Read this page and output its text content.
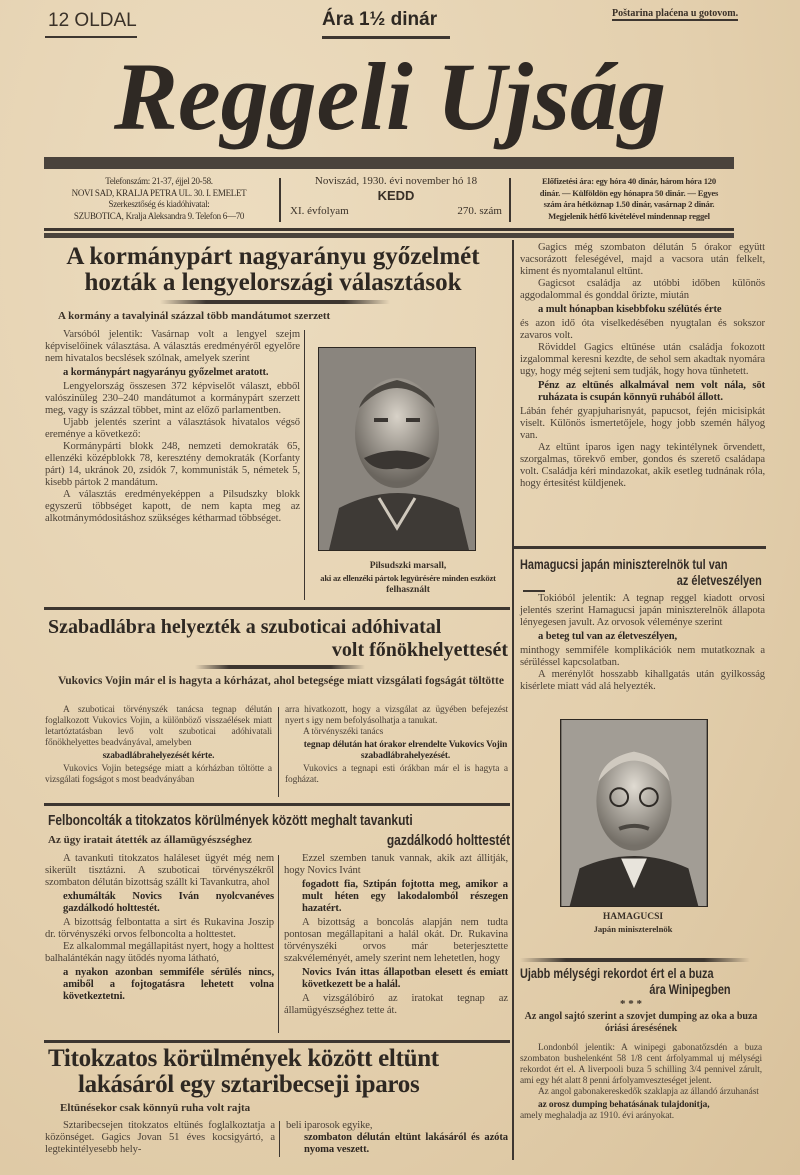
12 OLDAL	Ára 1½ dinár	Poštarina plaćena u gotovom.
Reggeli Ujság
Telefonszám: 21-37, éjjel 20-58.
NOVI SAD, KRALJA PETRA UL. 30. I. EMELET
Szerkesztőség és kiadóhivatal:
SZUBOTICA, Kralja Aleksandra 9. Telefon 6—70
Noviszád, 1930. évi november hó 18
KEDD
XI. évfolyam	270. szám
Előfizetési ára: egy hóra 40 dinár, három hóra 120
dinár. — Külföldön egy hónapra 50 dinár. — Egyes
szám ára hétköznap 1.50 dinár, vasárnap 2 dinár.
Megjelenik hétfő kivételével mindennap reggel
A kormánypárt nagyarányu győzelmét
hozták a lengyelországi választások
A kormány a tavalyinál százzal több mandátumot szerzett

Varsóból jelentik: Vasárnap volt a lengyel szejm képviselőinek választása. A választás eredményéről egyelőre nem hivatalos becslések szólnak, amelyek szerint

a kormánypárt nagyarányu győzelmet aratott.

Lengyelország összesen 372 képviselőt választ, ebből valószinüleg 230–240 mandátumot a kormánypárt szerzett meg, vagy is százzal többet, mint az előző parlamentben.

Ujabb jelentés szerint a választások hivatalos végső ereménye a következő:

Kormánypárti blokk 248, nemzeti demokraták 65, ellenzéki középblokk 78, keresztény demokraták (Korfanty párt) 14, ukránok 20, zsidók 7, kommunisták 5, németek 5, kisebb pártok 2 mandátum.

A választás eredményeképpen a Pilsudszky blokk egyszerű többséget kapott, de nem kapta meg az alkotmánymódositáshoz szükséges kétharmad többséget.

Pilsudszki marsall,
aki az ellenzéki pártok legyürésére minden eszközt
felhasznált
Szabadlábra helyezték a szuboticai adóhivatal
volt főnökhelyettesét
Vukovics Vojin már el is hagyta a kórházat, ahol betegsége miatt vizsgálati fogságát töltötte

A szuboticai törvényszék tanácsa tegnap délután foglalkozott Vukovics Vojin, a különböző visszaélések miatt letartóztatásban levő volt szuboticai adóhivatali főnökhelyettes beadványával, amelyben

szabadlábrahelyezését kérte.

Vukovics Vojin betegsége miatt a kórházban töltötte a vizsgálati fogságot s most beadványában

arra hivatkozott, hogy a vizsgálat az ügyében befejezést nyert s igy nem befolyásolhatja a tanukat.

A törvényszéki tanács

tegnap délután hat órakor elrendelte Vukovics Vojin szabadlábrahelyezését.

Vukovics a tegnapi esti órákban már el is hagyta a fogházat.

Felboncolták a titokzatos körülmények között meghalt tavankuti
gazdálkodó holttestét
Az ügy iratait átették az államügyészséghez

A tavankuti titokzatos haláleset ügyét még nem sikerült tisztázni. A szuboticai törvényszékről szombaton délután bizottság szállt ki Tavankutra, ahol

exhumálták Novics Iván nyolcvanéves gazdálkodó holttestét.

A bizottság felbontatta a sirt és Rukavina Joszip dr. törvényszéki orvos felboncolta a holttestet.

Ez alkalommal megállapitást nyert, hogy a holttest balhalántékán nagy ütődés nyoma látható,

a nyakon azonban semmiféle sérülés nincs, amiből a fojtogatásra lehetett volna következtetni.

Ezzel szemben tanuk vannak, akik azt állitják, hogy Novics Ivánt

fogadott fia, Sztipán fojtotta meg, amikor a mult héten egy lakodalomból részegen hazatért.

A bizottság a boncolás alapján nem tudta pontosan megállapitani a halál okát. Dr. Rukavina törvényszéki orvos már beterjesztette szakvéleményét, amely szerint nem lehetetlen, hogy

Novics Iván ittas állapotban elesett és emiatt következett be a halál.

A vizsgálóbiró az iratokat tegnap az államügyészséghez tette át.

Titokzatos körülmények között eltünt
lakásáról egy sztaribecseji iparos
Eltünésekor csak könnyü ruha volt rajta

Sztaribecsejen titokzatos eltünés foglalkoztatja a közönséget. Gagics Jovan 51 éves kocsigyártó, a legtekintélyesebb hely-

beli iparosok egyike,

szombaton délután eltünt lakásáról és azóta nyoma veszett.

Gagics még szombaton délután 5 órakor együtt vacsorázott feleségével, majd a vacsora után felkelt, kiment és nyomtalanul eltünt.

Gagicsot családja az utóbbi időben különös aggodalommal és gonddal őrizte, miután

a mult hónapban kisebbfoku szélütés érte

és azon idő óta viselkedésében nyugtalan és sokszor zavaros volt.

Röviddel Gagics eltünése után családja fokozott izgalommal keresni kezdte, de sehol sem akadtak nyomára ugy, hogy még sejteni sem tudják, hogy hova tünhetett.

Pénz az eltünés alkalmával nem volt nála, söt ruházata is csupán könnyü ruhából állott.

Lábán fehér gyapjuharisnyát, papucsot, fején micisipkát viselt. Különös ismertetőjele, hogy jobb szemén hályog van.

Az eltünt iparos igen nagy tekintélynek örvendett, szorgalmas, törekvő ember, gondos és szerető családapa volt. Családja kéri mindazokat, akik esetleg tudnának róla, hogy értesitést küldjenek.

Hamagucsi japán miniszterelnök tul van
az életveszélyen

Tokióból jelentik: A tegnap reggel kiadott orvosi jelentés szerint Hamagucsi japán miniszterelnök állapota lényegesen javult. Az orvosok véleménye szerint

a beteg tul van az életveszélyen,

minthogy semmiféle komplikációk nem mutatkoznak a sérüléssel kapcsolatban.

A merénylőt hosszabb kihallgatás után gyilkosság kisérlete miatt vád alá helyezték.

HAMAGUCSI
Japán miniszterelnök
Ujabb mélységi rekordot ért el a buza
ára Winipegben
* * *
Az angol sajtó szerint a szovjet dumping az oka a buza óriási áresésének

Londonból jelentik: A winipegi gabonatőzsdén a buza szombaton bushelenként 58 1/8 cent árfolyammal uj mélységi rekordot ért el. A liverpooli buza 5 schilling 3/4 pennivel zárult, ami egy hét alatt 8 penni árfolyamveszteséget jelent.

Az angol gabonakereskedők szaklapja az állandó árzuhanást

az orosz dumping behatásának tulajdonitja,

amely meghaladja az 1910. évi arányokat.
